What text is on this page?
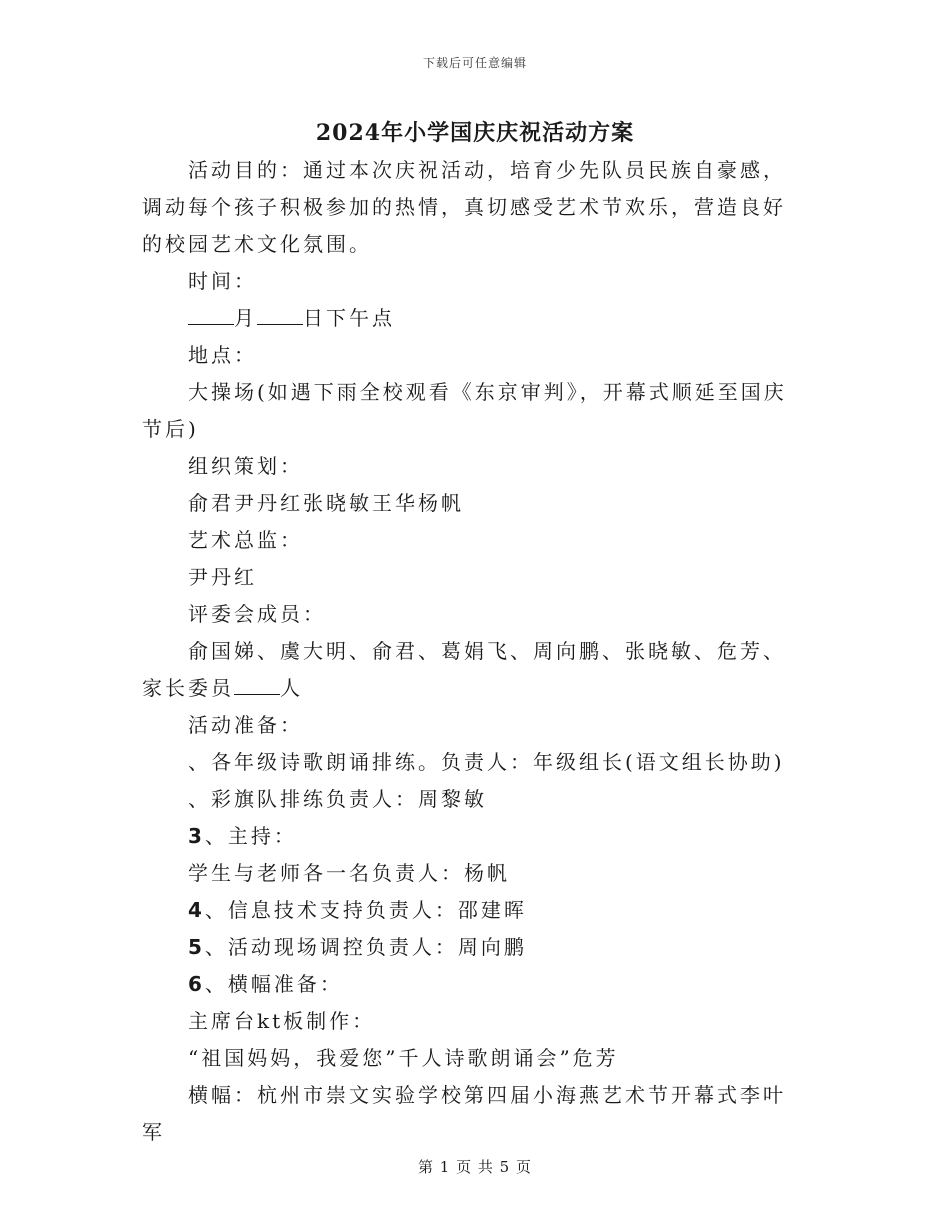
下载后可任意编辑
2024年小学国庆庆祝活动方案

活动目的：通过本次庆祝活动，培育少先队员民族自豪感，调动每个孩子积极参加的热情，真切感受艺术节欢乐，营造良好的校园艺术文化氛围。

时间：

月 日下午点

地点：

大操场(如遇下雨全校观看《东京审判》，开幕式顺延至国庆节后)

组织策划：

俞君尹丹红张晓敏王华杨帆

艺术总监：

尹丹红

评委会成员：

俞国娣、虞大明、俞君、葛娟飞、周向鹏、张晓敏、危芳、家长委员 人

活动准备：

、各年级诗歌朗诵排练。负责人：年级组长(语文组长协助)

、彩旗队排练负责人：周黎敏

3、主持：

学生与老师各一名负责人：杨帆

4、信息技术支持负责人：邵建晖

5、活动现场调控负责人：周向鹏

6、横幅准备：

主席台kt板制作：

“祖国妈妈，我爱您”千人诗歌朗诵会”危芳

横幅：杭州市崇文实验学校第四届小海燕艺术节开幕式李叶军

第 1 页 共 5 页
